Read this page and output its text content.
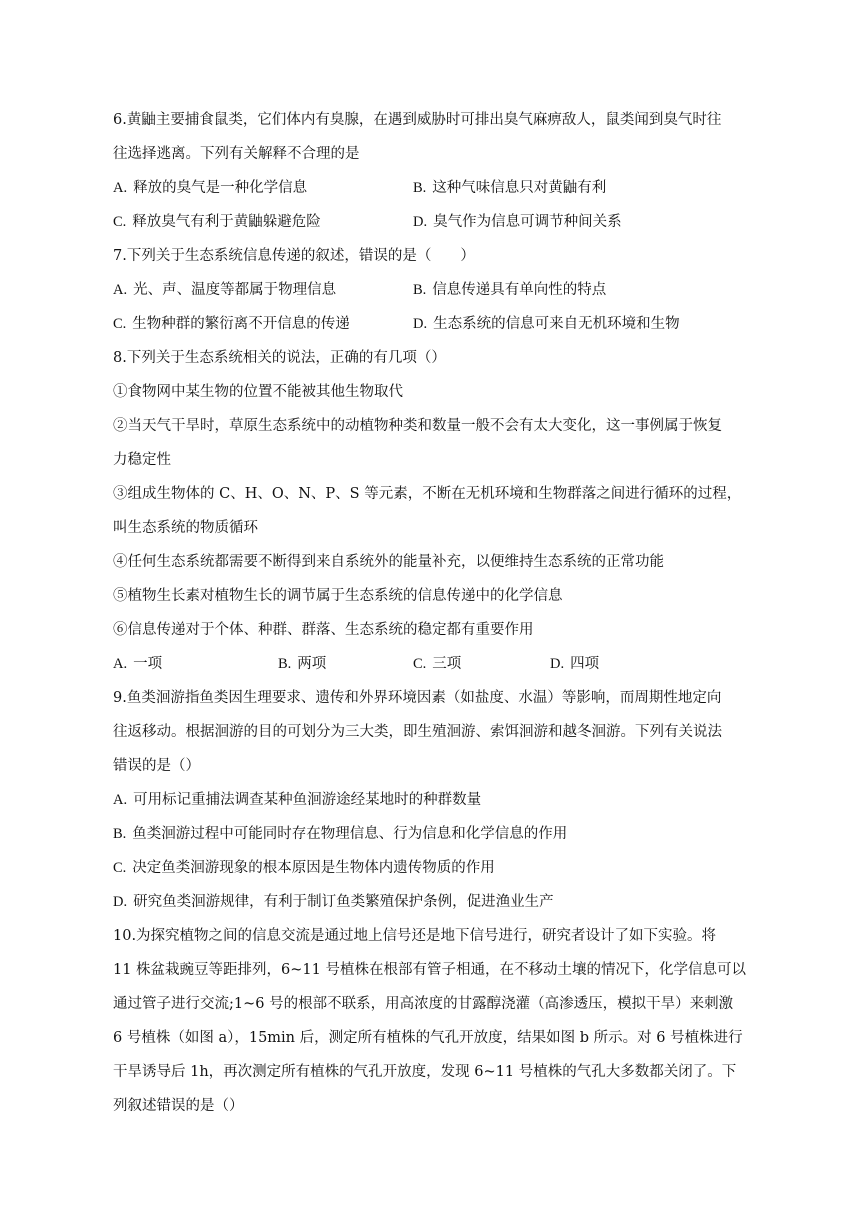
6.黄鼬主要捕食鼠类，它们体内有臭腺，在遇到威胁时可排出臭气麻痹敌人，鼠类闻到臭气时往
往选择逃离。下列有关解释不合理的是
A. 释放的臭气是一种化学信息	B. 这种气味信息只对黄鼬有利
C. 释放臭气有利于黄鼬躲避危险	D. 臭气作为信息可调节种间关系
7.下列关于生态系统信息传递的叙述，错误的是（　　）
A. 光、声、温度等都属于物理信息	B. 信息传递具有单向性的特点
C. 生物种群的繁衍离不开信息的传递	D. 生态系统的信息可来自无机环境和生物
8.下列关于生态系统相关的说法，正确的有几项（）
①食物网中某生物的位置不能被其他生物取代
②当天气干旱时，草原生态系统中的动植物种类和数量一般不会有太大变化，这一事例属于恢复
力稳定性
③组成生物体的 C、H、O、N、P、S 等元素，不断在无机环境和生物群落之间进行循环的过程，
叫生态系统的物质循环
④任何生态系统都需要不断得到来自系统外的能量补充，以便维持生态系统的正常功能
⑤植物生长素对植物生长的调节属于生态系统的信息传递中的化学信息
⑥信息传递对于个体、种群、群落、生态系统的稳定都有重要作用
A. 一项	B. 两项	C. 三项	D. 四项
9.鱼类洄游指鱼类因生理要求、遗传和外界环境因素（如盐度、水温）等影响，而周期性地定向
往返移动。根据洄游的目的可划分为三大类，即生殖洄游、索饵洄游和越冬洄游。下列有关说法
错误的是（）
A. 可用标记重捕法调查某种鱼洄游途经某地时的种群数量
B. 鱼类洄游过程中可能同时存在物理信息、行为信息和化学信息的作用
C. 决定鱼类洄游现象的根本原因是生物体内遗传物质的作用
D. 研究鱼类洄游规律，有利于制订鱼类繁殖保护条例，促进渔业生产
10.为探究植物之间的信息交流是通过地上信号还是地下信号进行，研究者设计了如下实验。将
11 株盆栽豌豆等距排列，6~11 号植株在根部有管子相通，在不移动土壤的情况下，化学信息可以
通过管子进行交流;1~6 号的根部不联系，用高浓度的甘露醇浇灌（高渗透压，模拟干旱）来刺激
6 号植株（如图 a），15min 后，测定所有植株的气孔开放度，结果如图 b 所示。对 6 号植株进行
干旱诱导后 1h，再次测定所有植株的气孔开放度，发现 6~11 号植株的气孔大多数都关闭了。下
列叙述错误的是（）
